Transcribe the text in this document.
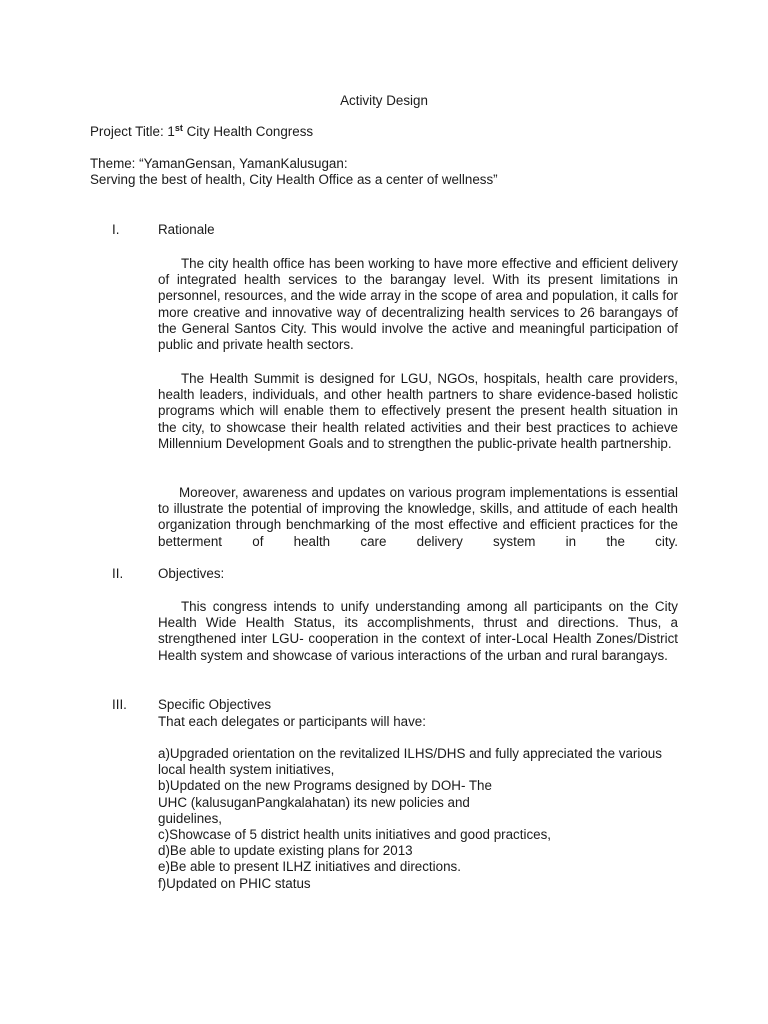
Activity Design
Project Title: 1st City Health Congress
Theme: “YamanGensan, YamanKalusugan:
Serving the best of health, City Health Office as a center of wellness”
I.	Rationale
The city health office has been working to have more effective and efficient delivery of integrated health services to the barangay level. With its present limitations in personnel, resources, and the wide array in the scope of area and population, it calls for more creative and innovative way of decentralizing health services to 26 barangays of the General Santos City. This would involve the active and meaningful participation of public and private health sectors.
The Health Summit is designed for LGU, NGOs, hospitals, health care providers, health leaders, individuals, and other health partners to share evidence-based holistic programs which will enable them to effectively present the present health situation in the city, to showcase their health related activities and their best practices to achieve Millennium Development Goals and to strengthen the public-private health partnership.
Moreover, awareness and updates on various program implementations is essential to illustrate the potential of improving the knowledge, skills, and attitude of each health organization through benchmarking of the most effective and efficient practices for the betterment of health care delivery system in the city.
II.	Objectives:
This congress intends to unify understanding among all participants on the City Health Wide Health Status, its accomplishments, thrust and directions. Thus, a strengthened inter LGU- cooperation in the context of inter-Local Health Zones/District Health system and showcase of various interactions of the urban and rural barangays.
III. Specific Objectives
That each delegates or participants will have:
a)Upgraded orientation on the revitalized ILHS/DHS and fully appreciated the various local health system initiatives,
b)Updated on the new Programs designed by DOH- The UHC (kalusuganPangkalahatan) its new policies and guidelines,
c)Showcase of 5 district health units initiatives and good practices,
d)Be able to update existing plans for 2013
e)Be able to present ILHZ initiatives and directions.
f)Updated on PHIC status
